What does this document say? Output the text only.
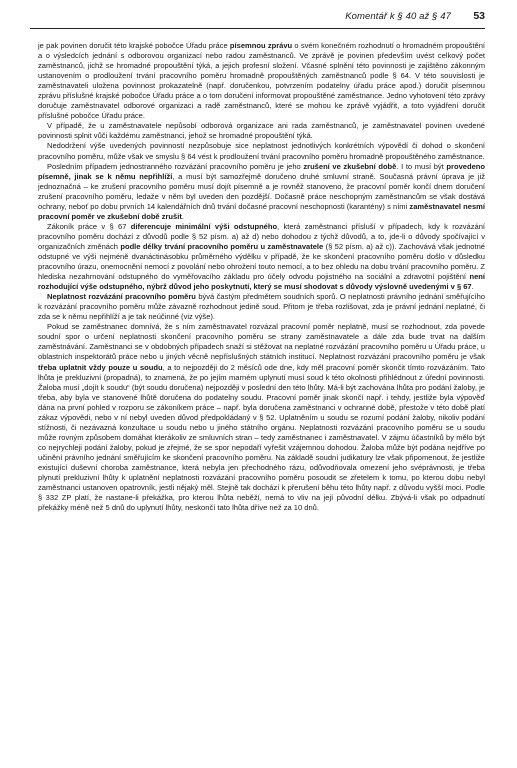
Komentář k § 40 až § 47 53

je pak povinen doručit této krajské pobočce Úřadu práce písemnou zprávu o svém konečném rozhodnutí o hromadném propouštění a o výsledcích jednání s odborovou organizací nebo radou zaměstnanců. Ve zprávě je povinen především uvést celkový počet zaměstnanců, jichž se hromadné propouštění týká, a jejich profesní složení. Včasné splnění této povinnosti je zajištěno zákonným ustanovením o prodloužení trvání pracovního poměru hromadně propouštěných zaměstnanců podle § 64. V této souvislosti je zaměstnavateli uložena povinnost prokazatelně (např. doručenkou, potvrzením podatelny úřadu práce apod.) doručit písemnou zprávu příslušné krajské pobočce Úřadu práce a o tom doručení informovat propouštěné zaměstnance. Jedno vyhotovení této zprávy doručuje zaměstnavatel odborové organizaci a radě zaměstnanců, které se mohou ke zprávě vyjádřit, a toto vyjádření doručit příslušné pobočce Úřadu práce.

V případě, že u zaměstnavatele nepůsobí odborová organizace ani rada zaměstnanců, je zaměstnavatel povinen uvedené povinnosti splnit vůči každému zaměstnanci, jehož se hromadné propouštění týká.

Nedodržení výše uvedených povinností nezpůsobuje sice neplatnost jednotlivých konkrétních výpovědí či dohod o skončení pracovního poměru, může však ve smyslu § 64 vést k prodloužení trvání pracovního poměru hromadně propouštěného zaměstnance.

Posledním případem jednostranného rozvázání pracovního poměru je jeho zrušení ve zkušební době. I to musí být provedeno písemně, jinak se k němu nepřihlíží, a musí být samozřejmě doručeno druhé smluvní straně. Současná právní úprava je již jednoznačná – ke zrušení pracovního poměru musí dojít písemně a je rovněž stanoveno, že pracovní poměr končí dnem doručení zrušení pracovního poměru, ledaže v něm byl uveden den pozdější. Dočasně práce neschopným zaměstnancům se však dostává ochrany, neboť po dobu prvních 14 kalendářních dnů trvání dočasné pracovní neschopnosti (karantény) s ními zaměstnavatel nesmí pracovní poměr ve zkušební době zrušit.

Zákoník práce v § 67 diferencuje minimální výši odstupného, která zaměstnanci přísluší v případech, kdy k rozvázání pracovního poměru dochází z důvodů podle § 52 písm. a) až d) nebo dohodou z týchž důvodů, a to, jde-li o důvody spočívající v organizačních změnách podle délky trvání pracovního poměru u zaměstnavatele (§ 52 písm. a) až c)). Zachovává však jednotné odstupné ve výši nejméně dvanáctinásobku průměrného výdělku v případě, že ke skončení pracovního poměru došlo v důsledku pracovního úrazu, onemocnění nemocí z povolání nebo ohrožení touto nemocí, a to bez ohledu na dobu trvání pracovního poměru. Z hlediska nezahrnování odstupného do vyměřovacího základu pro účely odvodu pojistného na sociální a zdravotní pojištění není rozhodující výše odstupného, nýbrž důvod jeho poskytnutí, který se musí shodovat s důvody výslovně uvedenými v § 67.

Neplatnost rozvázání pracovního poměru bývá častým předmětem soudních sporů. O neplatnosti právního jednání směřujícího k rozvázání pracovního poměru může závazně rozhodnout jedině soud. Přitom je třeba rozlišovat, zda je právní jednání neplatné, či zda se k němu nepřihlíží a je tak neúčinné (viz výše).

Pokud se zaměstnanec domnívá, že s ním zaměstnavatel rozvázal pracovní poměr neplatně, musí se rozhodnout, zda povede soudní spor o určení neplatnosti skončení pracovního poměru se strany zaměstnavatele a dále zda bude trvat na dalším zaměstnávání. Zaměstnanci se v obdobných případech snaží si stěžovat na neplatné rozvázání pracovního poměru u Úřadu práce, u oblastních inspektorátů práce nebo u jiných věcně nepříslušných státních institucí. Neplatnost rozvázání pracovního poměru je však třeba uplatnit vždy pouze u soudu, a to nejpozději do 2 měsíců ode dne, kdy měl pracovní poměr skončit tímto rozvázáním. Tato lhůta je prekluzivní (propadná), to znamená, že po jejím marném uplynutí musí soud k této okolnosti přihlédnout z úřední povinnosti. Žaloba musí „dojít k soudu“ (být soudu doručena) nejpozději v poslední den této lhůty. Má-li být zachována lhůta pro podání žaloby, je třeba, aby byla ve stanovené lhůtě doručena do podatelny soudu. Pracovní poměr jinak skončí např. i tehdy, jestliže byla výpověď dána na první pohled v rozporu se zákoníkem práce – např. byla doručena zaměstnanci v ochranné době, přestože v této době platí zákaz výpovědi, nebo v ní nebyl uveden důvod předpokládaný v § 52. Uplatněním u soudu se rozumí podání žaloby, nikoliv podání stížnosti, či nezávazná konzultace u soudu nebo u jiného státního orgánu. Neplatnosti rozvázání pracovního poměru se u soudu může rovným způsobem domáhat kterákoliv ze smluvních stran – tedy zaměstnanec i zaměstnavatel. V zájmu účastníků by mělo být co nejrychleji podání žaloby, pokud je zřejmé, že se spor nepodaří vyřešit vzájemnou dohodou. Žaloba může být podána nejdříve po učinění právního jednání směřujícím ke skončení pracovního poměru. Na základě soudní judikatury lze však připomenout, že jestliže existující duševní choroba zaměstnance, která nebyla jen přechodného rázu, odůvodňovala omezení jeho svéprávnosti, je třeba plynutí prekluzivní lhůty k uplatnění neplatnosti rozvázání pracovního poměru posoudit se zřetelem k tomu, po kterou dobu nebyl zaměstnanci ustanoven opatrovník, jestli nějaký měl. Stejně tak dochází k přerušení běhu této lhůty např. z důvodu vyšší moci. Podle § 332 ZP platí, že nastane-li překážka, pro kterou lhůta neběží, nemá to vliv na její původní délku. Zbývá-li však po odpadnutí překážky méně než 5 dnů do uplynutí lhůty, neskončí tato lhůta dříve než za 10 dnů.
